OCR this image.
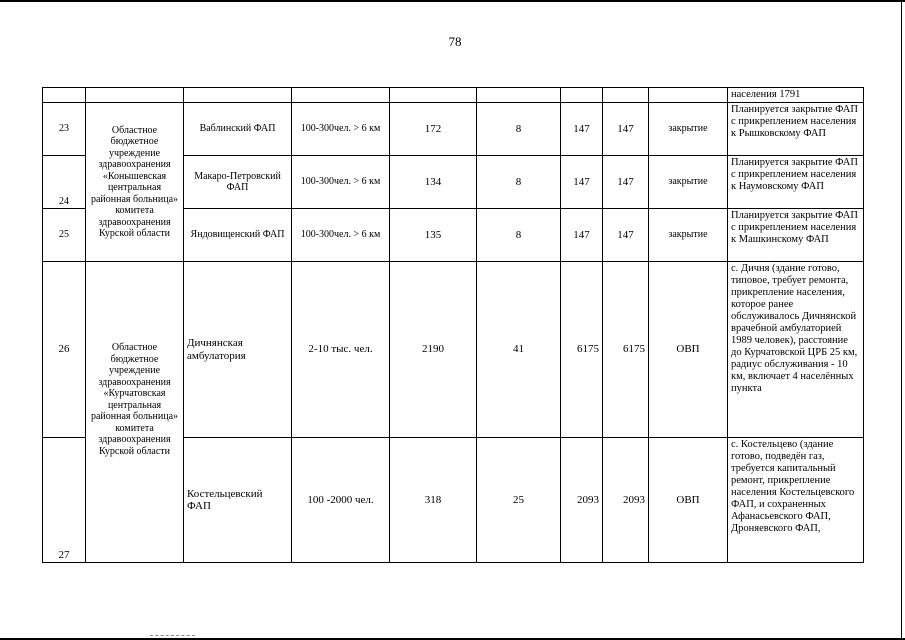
78
									населения 1791
23	Областное бюджетное учреждение здравоохранения «Конышевская центральная районная больница» комитета здравоохранения Курской области	Ваблинский ФАП	100-300чел. > 6 км	172	8	147	147	закрытие	Планируется закрытие ФАП с прикреплением населения к Рышковскому ФАП
24		Макаро-Петровский ФАП	100-300чел. > 6 км	134	8	147	147	закрытие	Планируется закрытие ФАП с прикреплением населения к Наумовскому ФАП
25		Яндовищенский ФАП	100-300чел. > 6 км	135	8	147	147	закрытие	Планируется закрытие ФАП с прикреплением населения к Машкинскому ФАП
26	Областное бюджетное учреждение здравоохранения «Курчатовская центральная районная больница» комитета здравоохранения Курской области	Дичнянская амбулатория	2-10 тыс. чел.	2190	41	6175	6175	ОВП	с. Дичня (здание готово, типовое, требует ремонта, прикрепление населения, которое ранее обслуживалось Дичнянской врачебной амбулаторией 1989 человек), расстояние до Курчатовской ЦРБ 25 км, радиус обслуживания - 10 км, включает 4 населённых пункта
27		Костельцевский ФАП	100 -2000 чел.	318	25	2093	2093	ОВП	с. Костельцево (здание готово, подведён газ, требуется капитальный ремонт, прикрепление населения Костельцевского ФАП, и сохраненных Афанасьевского ФАП, Дроняевского ФАП,
